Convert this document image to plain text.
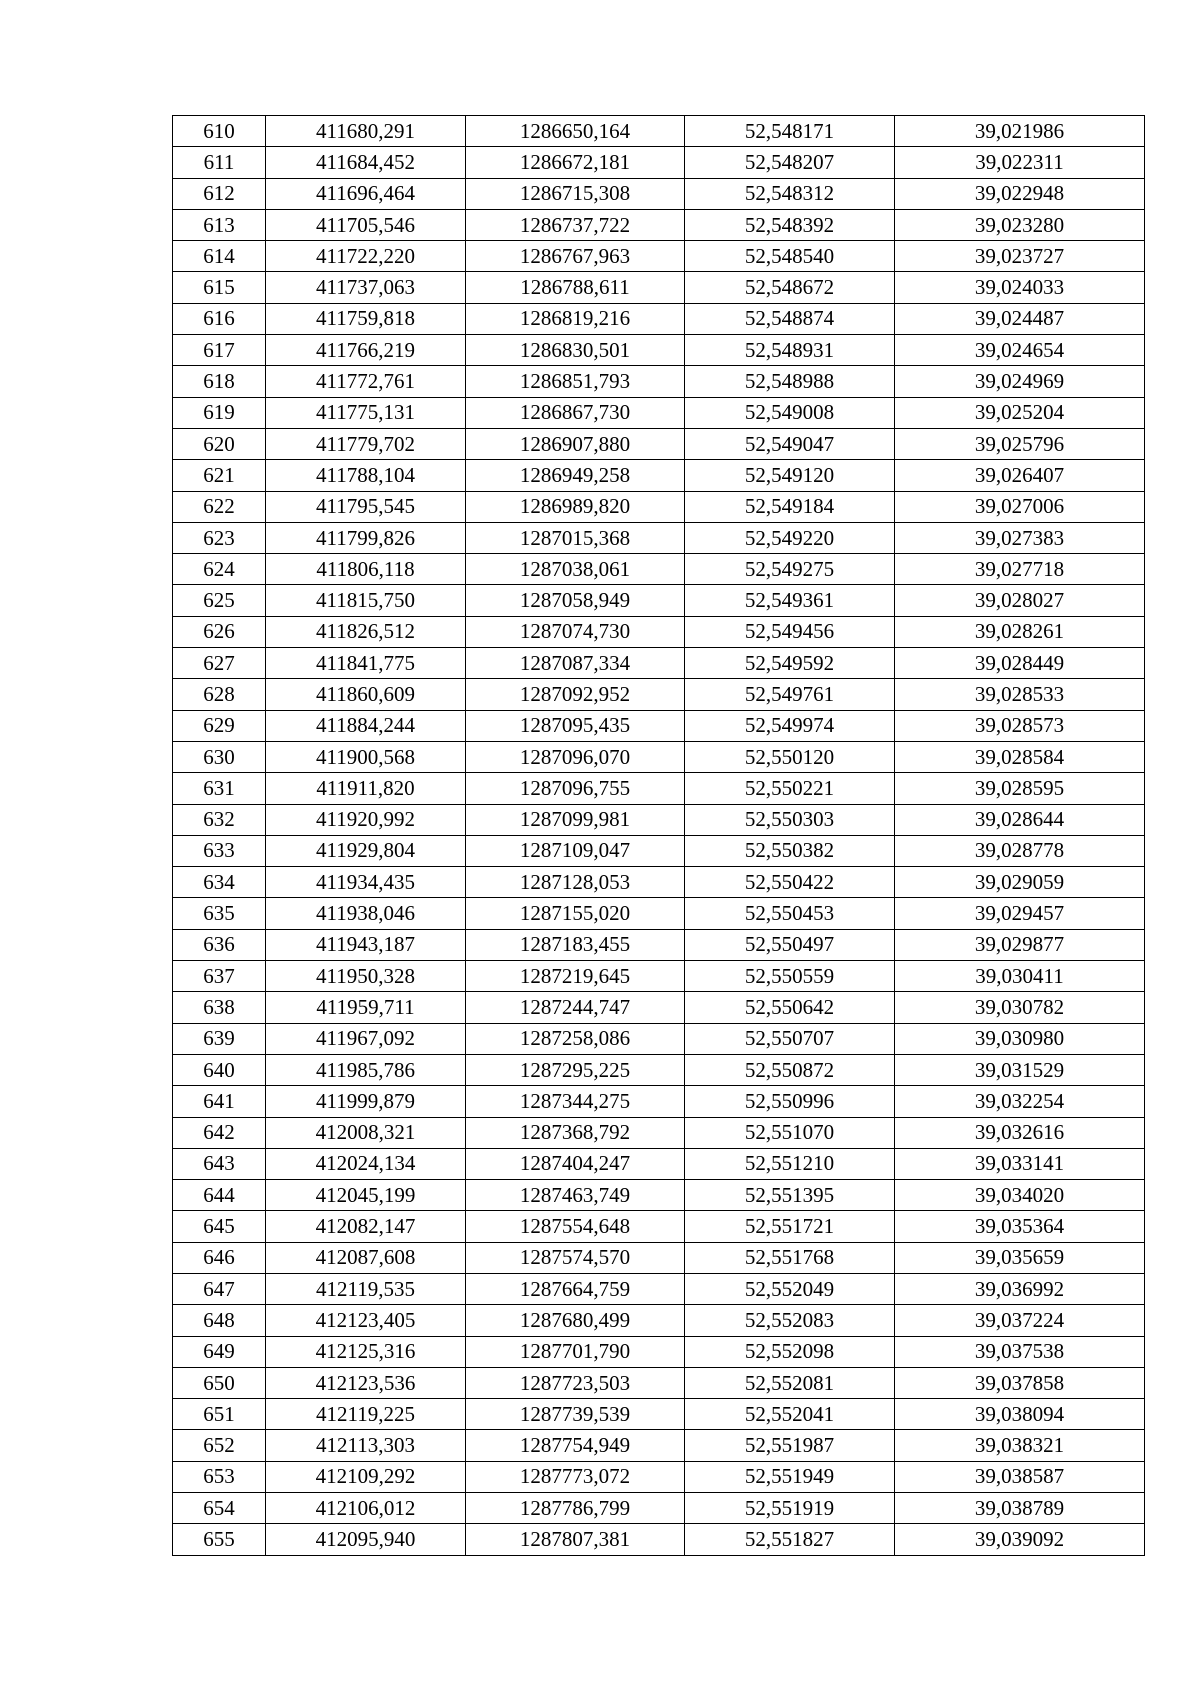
610	411680,291	1286650,164	52,548171	39,021986
611	411684,452	1286672,181	52,548207	39,022311
612	411696,464	1286715,308	52,548312	39,022948
613	411705,546	1286737,722	52,548392	39,023280
614	411722,220	1286767,963	52,548540	39,023727
615	411737,063	1286788,611	52,548672	39,024033
616	411759,818	1286819,216	52,548874	39,024487
617	411766,219	1286830,501	52,548931	39,024654
618	411772,761	1286851,793	52,548988	39,024969
619	411775,131	1286867,730	52,549008	39,025204
620	411779,702	1286907,880	52,549047	39,025796
621	411788,104	1286949,258	52,549120	39,026407
622	411795,545	1286989,820	52,549184	39,027006
623	411799,826	1287015,368	52,549220	39,027383
624	411806,118	1287038,061	52,549275	39,027718
625	411815,750	1287058,949	52,549361	39,028027
626	411826,512	1287074,730	52,549456	39,028261
627	411841,775	1287087,334	52,549592	39,028449
628	411860,609	1287092,952	52,549761	39,028533
629	411884,244	1287095,435	52,549974	39,028573
630	411900,568	1287096,070	52,550120	39,028584
631	411911,820	1287096,755	52,550221	39,028595
632	411920,992	1287099,981	52,550303	39,028644
633	411929,804	1287109,047	52,550382	39,028778
634	411934,435	1287128,053	52,550422	39,029059
635	411938,046	1287155,020	52,550453	39,029457
636	411943,187	1287183,455	52,550497	39,029877
637	411950,328	1287219,645	52,550559	39,030411
638	411959,711	1287244,747	52,550642	39,030782
639	411967,092	1287258,086	52,550707	39,030980
640	411985,786	1287295,225	52,550872	39,031529
641	411999,879	1287344,275	52,550996	39,032254
642	412008,321	1287368,792	52,551070	39,032616
643	412024,134	1287404,247	52,551210	39,033141
644	412045,199	1287463,749	52,551395	39,034020
645	412082,147	1287554,648	52,551721	39,035364
646	412087,608	1287574,570	52,551768	39,035659
647	412119,535	1287664,759	52,552049	39,036992
648	412123,405	1287680,499	52,552083	39,037224
649	412125,316	1287701,790	52,552098	39,037538
650	412123,536	1287723,503	52,552081	39,037858
651	412119,225	1287739,539	52,552041	39,038094
652	412113,303	1287754,949	52,551987	39,038321
653	412109,292	1287773,072	52,551949	39,038587
654	412106,012	1287786,799	52,551919	39,038789
655	412095,940	1287807,381	52,551827	39,039092
